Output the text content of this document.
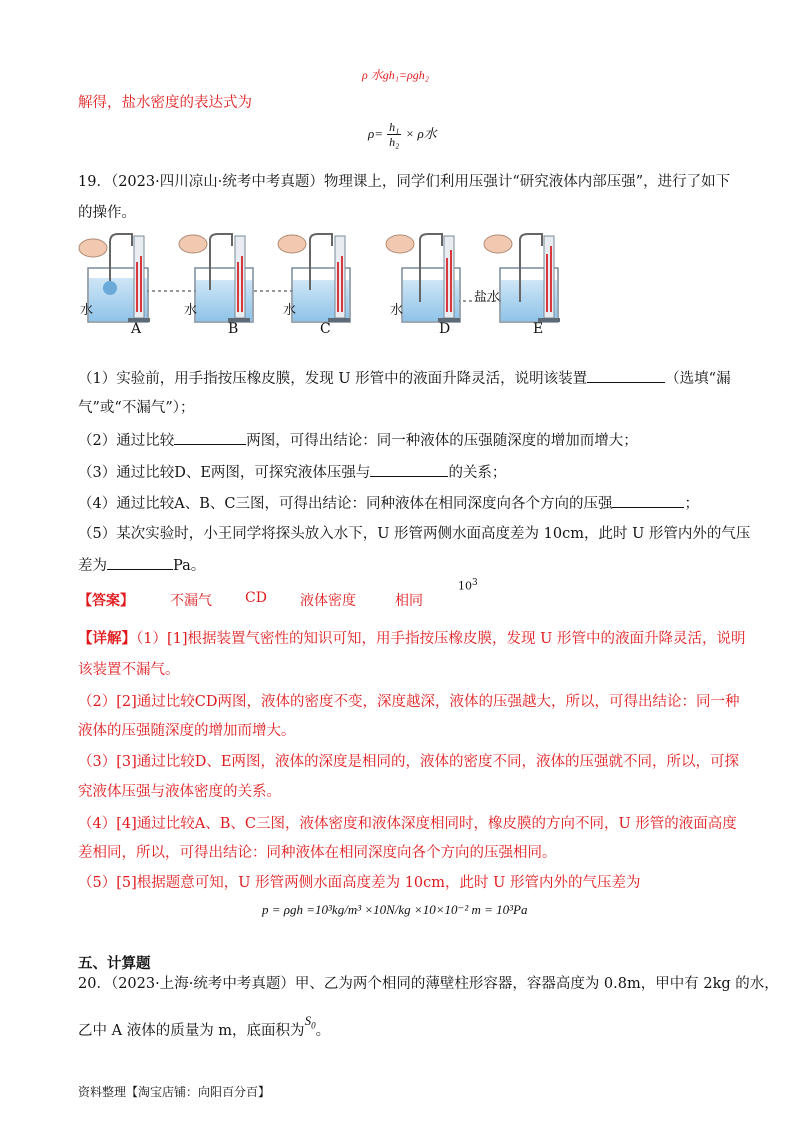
ρ 水gh₁=ρgh₂
解得，盐水密度的表达式为
$\rho= \frac{\text{h₁}}{\text{h₂}} \times \rho$水
19．（2023·四川凉山·统考中考真题）物理课上，同学们利用压强计“研究液体内部压强”，进行了如下
的操作。
水	水	水	水
盐水
A	B	C	D	E
（1）实验前，用手指按压橡皮膜，发现 U 形管中的液面升降灵活，说明该装置	（选填“漏
气”或“不漏气”）；
（2）通过比较	两图，可得出结论：同一种液体的压强随深度的增加而增大；
（3）通过比较D、E两图，可探究液体压强与	的关系；
（4）通过比较A、B、C三图，可得出结论：同种液体在相同深度向各个方向的压强	；
（5）某次实验时，小王同学将探头放入水下，U 形管两侧水面高度差为 10cm，此时 U 形管内外的气压
差为	Pa。
【答案】	不漏气 CD 液体密度	相同
$10^3$
【详解】（1）[1]根据装置气密性的知识可知，用手指按压橡皮膜，发现 U 形管中的液面升降灵活，说明
该装置不漏气。
（2）[2]通过比较CD两图，液体的密度不变，深度越深，液体的压强越大，所以，可得出结论：同一种
液体的压强随深度的增加而增大。
（3）[3]通过比较D、E两图，液体的深度是相同的，液体的密度不同，液体的压强就不同，所以，可探
究液体压强与液体密度的关系。
（4）[4]通过比较A、B、C三图，液体密度和液体深度相同时，橡皮膜的方向不同，U 形管的液面高度
差相同，所以，可得出结论：同种液体在相同深度向各个方向的压强相同。
（5）[5]根据题意可知，U 形管两侧水面高度差为 10cm，此时 U 形管内外的气压差为
p = ρgh =10³kg/m³ ×10N/kg ×10×10⁻² m = 10³Pa
五、计算题
20．（2023·上海·统考中考真题）甲、乙为两个相同的薄壁柱形容器，容器高度为 0.8m，甲中有 2kg 的水，
乙中 A 液体的质量为 m，底面积为$S_0$。
资料整理【淘宝店铺：向阳百分百】
